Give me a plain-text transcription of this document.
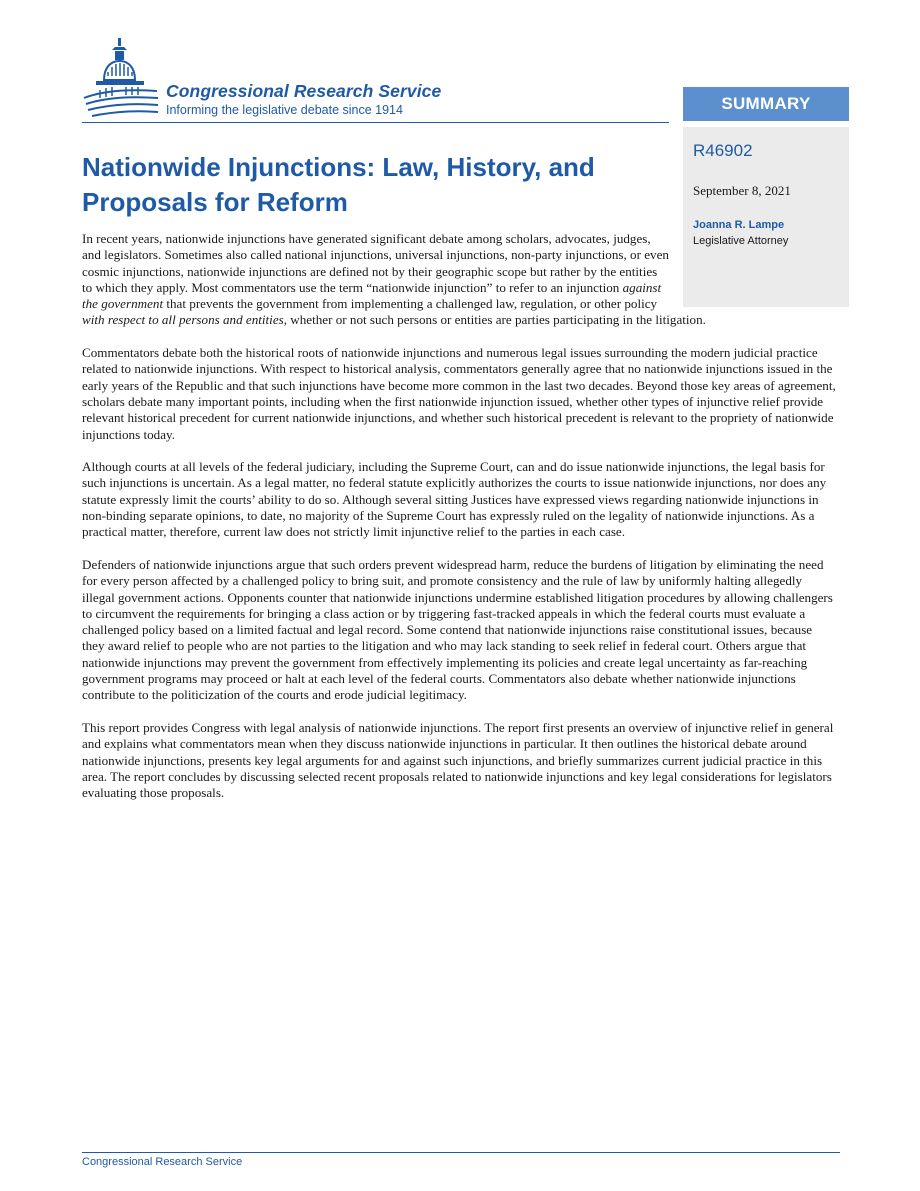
Congressional Research Service
Informing the legislative debate since 1914	SUMMARY
R46902
September 8, 2021
Joanna R. Lampe
Legislative Attorney
Nationwide Injunctions: Law, History, and Proposals for Reform

In recent years, nationwide injunctions have generated significant debate among scholars, advocates, judges, and legislators. Sometimes also called national injunctions, universal injunctions, non-party injunctions, or even cosmic injunctions, nationwide injunctions are defined not by their geographic scope but rather by the entities to which they apply. Most commentators use the term “nationwide injunction” to refer to an injunction against the government that prevents the government from implementing a challenged law, regulation, or other policy with respect to all persons and entities, whether or not such persons or entities are parties participating in the litigation.

Commentators debate both the historical roots of nationwide injunctions and numerous legal issues surrounding the modern judicial practice related to nationwide injunctions. With respect to historical analysis, commentators generally agree that no nationwide injunctions issued in the early years of the Republic and that such injunctions have become more common in the last two decades. Beyond those key areas of agreement, scholars debate many important points, including when the first nationwide injunction issued, whether other types of injunctive relief provide relevant historical precedent for current nationwide injunctions, and whether such historical precedent is relevant to the propriety of nationwide injunctions today.

Although courts at all levels of the federal judiciary, including the Supreme Court, can and do issue nationwide injunctions, the legal basis for such injunctions is uncertain. As a legal matter, no federal statute explicitly authorizes the courts to issue nationwide injunctions, nor does any statute expressly limit the courts’ ability to do so. Although several sitting Justices have expressed views regarding nationwide injunctions in non-binding separate opinions, to date, no majority of the Supreme Court has expressly ruled on the legality of nationwide injunctions. As a practical matter, therefore, current law does not strictly limit injunctive relief to the parties in each case.

Defenders of nationwide injunctions argue that such orders prevent widespread harm, reduce the burdens of litigation by eliminating the need for every person affected by a challenged policy to bring suit, and promote consistency and the rule of law by uniformly halting allegedly illegal government actions. Opponents counter that nationwide injunctions undermine established litigation procedures by allowing challengers to circumvent the requirements for bringing a class action or by triggering fast-tracked appeals in which the federal courts must evaluate a challenged policy based on a limited factual and legal record. Some contend that nationwide injunctions raise constitutional issues, because they award relief to people who are not parties to the litigation and who may lack standing to seek relief in federal court. Others argue that nationwide injunctions may prevent the government from effectively implementing its policies and create legal uncertainty as far-reaching government programs may proceed or halt at each level of the federal courts. Commentators also debate whether nationwide injunctions contribute to the politicization of the courts and erode judicial legitimacy.

This report provides Congress with legal analysis of nationwide injunctions. The report first presents an overview of injunctive relief in general and explains what commentators mean when they discuss nationwide injunctions in particular. It then outlines the historical debate around nationwide injunctions, presents key legal arguments for and against such injunctions, and briefly summarizes current judicial practice in this area. The report concludes by discussing selected recent proposals related to nationwide injunctions and key legal considerations for legislators evaluating those proposals.

Congressional Research Service
